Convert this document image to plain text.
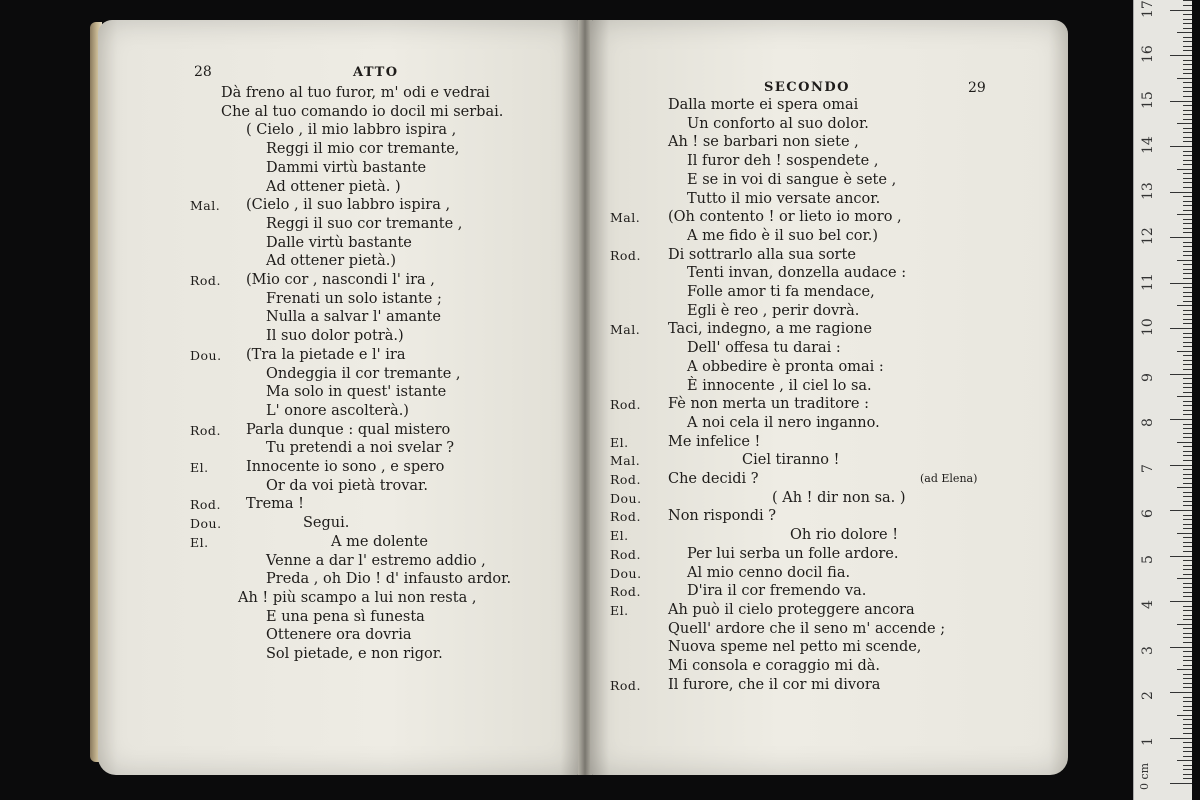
28	ATTO
Dà freno al tuo furor, m' odi e vedrai
Che al tuo comando io docil mi serbai.
( Cielo , il mio labbro ispira ,
Reggi il mio cor tremante,
Dammi virtù bastante
Ad ottener pietà. )
Mal. (Cielo , il suo labbro ispira ,
Reggi il suo cor tremante ,
Dalle virtù bastante
Ad ottener pietà.)
Rod. (Mio cor , nascondi l' ira ,
Frenati un solo istante ;
Nulla a salvar l' amante
Il suo dolor potrà.)
Dou. (Tra la pietade e l' ira
Ondeggia il cor tremante ,
Ma solo in quest' istante
L' onore ascolterà.)
Rod. Parla dunque : qual mistero
Tu pretendi a noi svelar ?
El.	Innocente io sono , e spero
Or da voi pietà trovar.
Rod. Trema !
Dou.	Segui.
El.	A me dolente
Venne a dar l' estremo addio ,
Preda , oh Dio ! d' infausto ardor.
Ah ! più scampo a lui non resta ,
E una pena sì funesta
Ottenere ora dovria
Sol pietade, e non rigor.
SECONDO	29
Dalla morte ei spera omai
Un conforto al suo dolor.
Ah ! se barbari non siete ,
Il furor deh ! sospendete ,
E se in voi di sangue è sete ,
Tutto il mio versate ancor.
Mal. (Oh contento ! or lieto io moro ,
A me fido è il suo bel cor.)
Rod. Di sottrarlo alla sua sorte
Tenti invan, donzella audace :
Folle amor ti fa mendace,
Egli è reo , perir dovrà.
Mal. Taci, indegno, a me ragione
Dell' offesa tu darai :
A obbedire è pronta omai :
È innocente , il ciel lo sa.
Rod. Fè non merta un traditore :
A noi cela il nero inganno.
El.	Me infelice !
Mal.	Ciel tiranno !
Rod. Che decidi ?	(ad Elena)
Dou.	( Ah ! dir non sa. )
Rod. Non rispondi ?
El.	Oh rio dolore !
Rod.	Per lui serba un folle ardore.
Dou.	Al mio cenno docil fia.
Rod.	D'ira il cor fremendo va.
El.	Ah può il cielo proteggere ancora
Quell' ardore che il seno m' accende ;
Nuova speme nel petto mi scende,
Mi consola e coraggio mi dà.
Rod. Il furore, che il cor mi divora
0 cm
1
2
3
4
5
6
7
8
9
10
11
12
13
14
15
16
17
